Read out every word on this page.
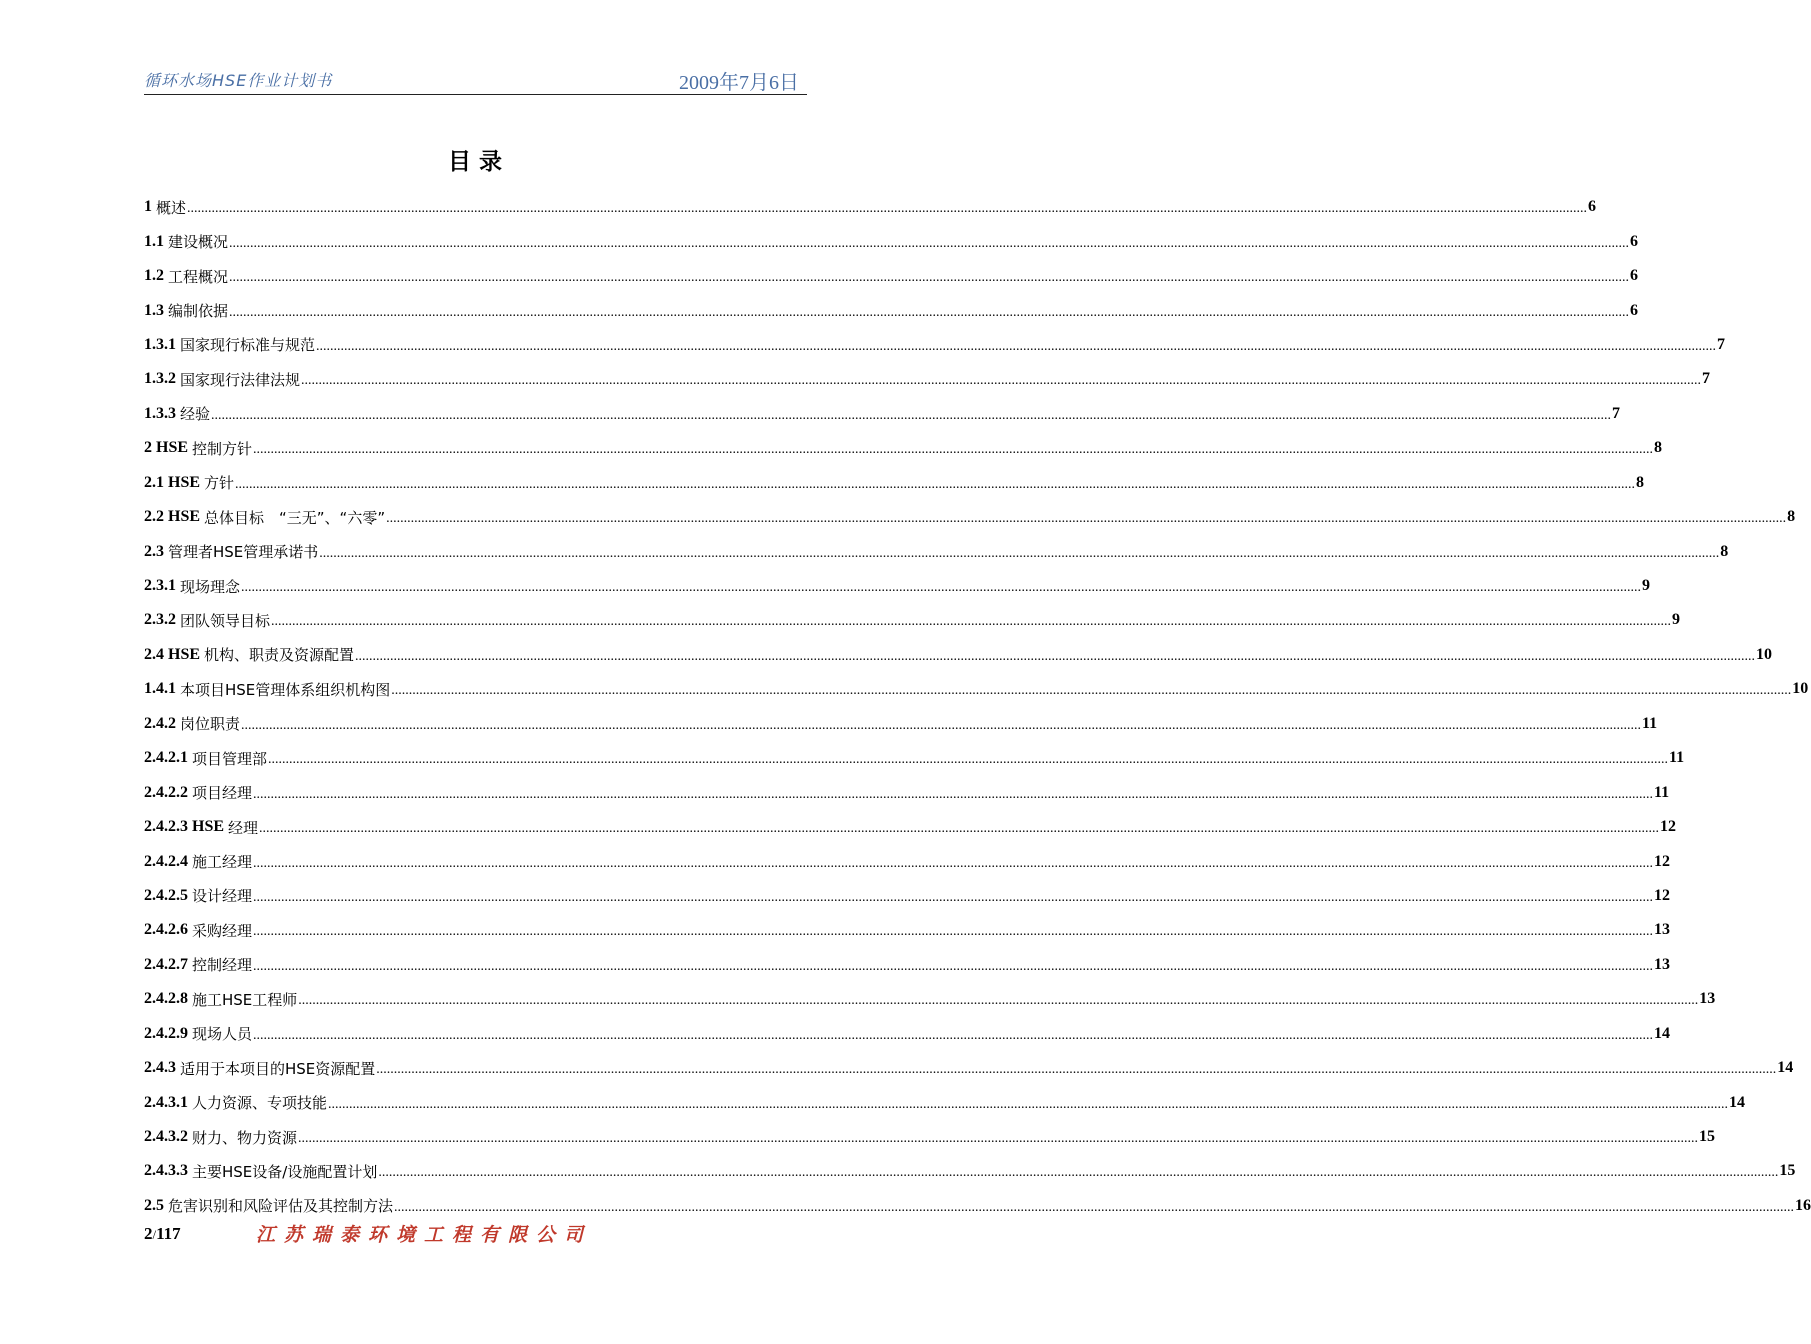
循环水场HSE作业计划书	2009年7月6日
目 录
1 概述 ................................................................................................................................................................................................................................................................................................................................................................................................................ 6
1.1 建设概况 ................................................................................................................................................................................................................................................................................................................................................................................................................ 6
1.2 工程概况 ................................................................................................................................................................................................................................................................................................................................................................................................................ 6
1.3 编制依据 ................................................................................................................................................................................................................................................................................................................................................................................................................ 6
1.3.1 国家现行标准与规范 ................................................................................................................................................................................................................................................................................................................................................................................................................ 7
1.3.2 国家现行法律法规 ................................................................................................................................................................................................................................................................................................................................................................................................................ 7
1.3.3 经验 ................................................................................................................................................................................................................................................................................................................................................................................................................ 7
2 HSE 控制方针 ................................................................................................................................................................................................................................................................................................................................................................................................................ 8
2.1 HSE 方针 ................................................................................................................................................................................................................................................................................................................................................................................................................ 8
2.2 HSE 总体目标　“三无”、“六零” ................................................................................................................................................................................................................................................................................................................................................................................................................ 8
2.3 管理者HSE管理承诺书 ................................................................................................................................................................................................................................................................................................................................................................................................................ 8
2.3.1 现场理念 ................................................................................................................................................................................................................................................................................................................................................................................................................ 9
2.3.2 团队领导目标 ................................................................................................................................................................................................................................................................................................................................................................................................................ 9
2.4 HSE 机构、职责及资源配置 ................................................................................................................................................................................................................................................................................................................................................................................................................ 10
1.4.1 本项目HSE管理体系组织机构图 ................................................................................................................................................................................................................................................................................................................................................................................................................ 10
2.4.2 岗位职责 ................................................................................................................................................................................................................................................................................................................................................................................................................ 11
2.4.2.1 项目管理部 ................................................................................................................................................................................................................................................................................................................................................................................................................ 11
2.4.2.2 项目经理 ................................................................................................................................................................................................................................................................................................................................................................................................................ 11
2.4.2.3 HSE 经理 ................................................................................................................................................................................................................................................................................................................................................................................................................ 12
2.4.2.4 施工经理 ................................................................................................................................................................................................................................................................................................................................................................................................................ 12
2.4.2.5 设计经理 ................................................................................................................................................................................................................................................................................................................................................................................................................ 12
2.4.2.6 采购经理 ................................................................................................................................................................................................................................................................................................................................................................................................................ 13
2.4.2.7 控制经理 ................................................................................................................................................................................................................................................................................................................................................................................................................ 13
2.4.2.8 施工HSE工程师 ................................................................................................................................................................................................................................................................................................................................................................................................................ 13
2.4.2.9 现场人员 ................................................................................................................................................................................................................................................................................................................................................................................................................ 14
2.4.3 适用于本项目的HSE资源配置 ................................................................................................................................................................................................................................................................................................................................................................................................................ 14
2.4.3.1 人力资源、专项技能 ................................................................................................................................................................................................................................................................................................................................................................................................................ 14
2.4.3.2 财力、物力资源 ................................................................................................................................................................................................................................................................................................................................................................................................................ 15
2.4.3.3 主要HSE设备/设施配置计划 ................................................................................................................................................................................................................................................................................................................................................................................................................ 15
2.5 危害识别和风险评估及其控制方法 ................................................................................................................................................................................................................................................................................................................................................................................................................ 16
2/117	江苏瑞泰环境工程有限公司
